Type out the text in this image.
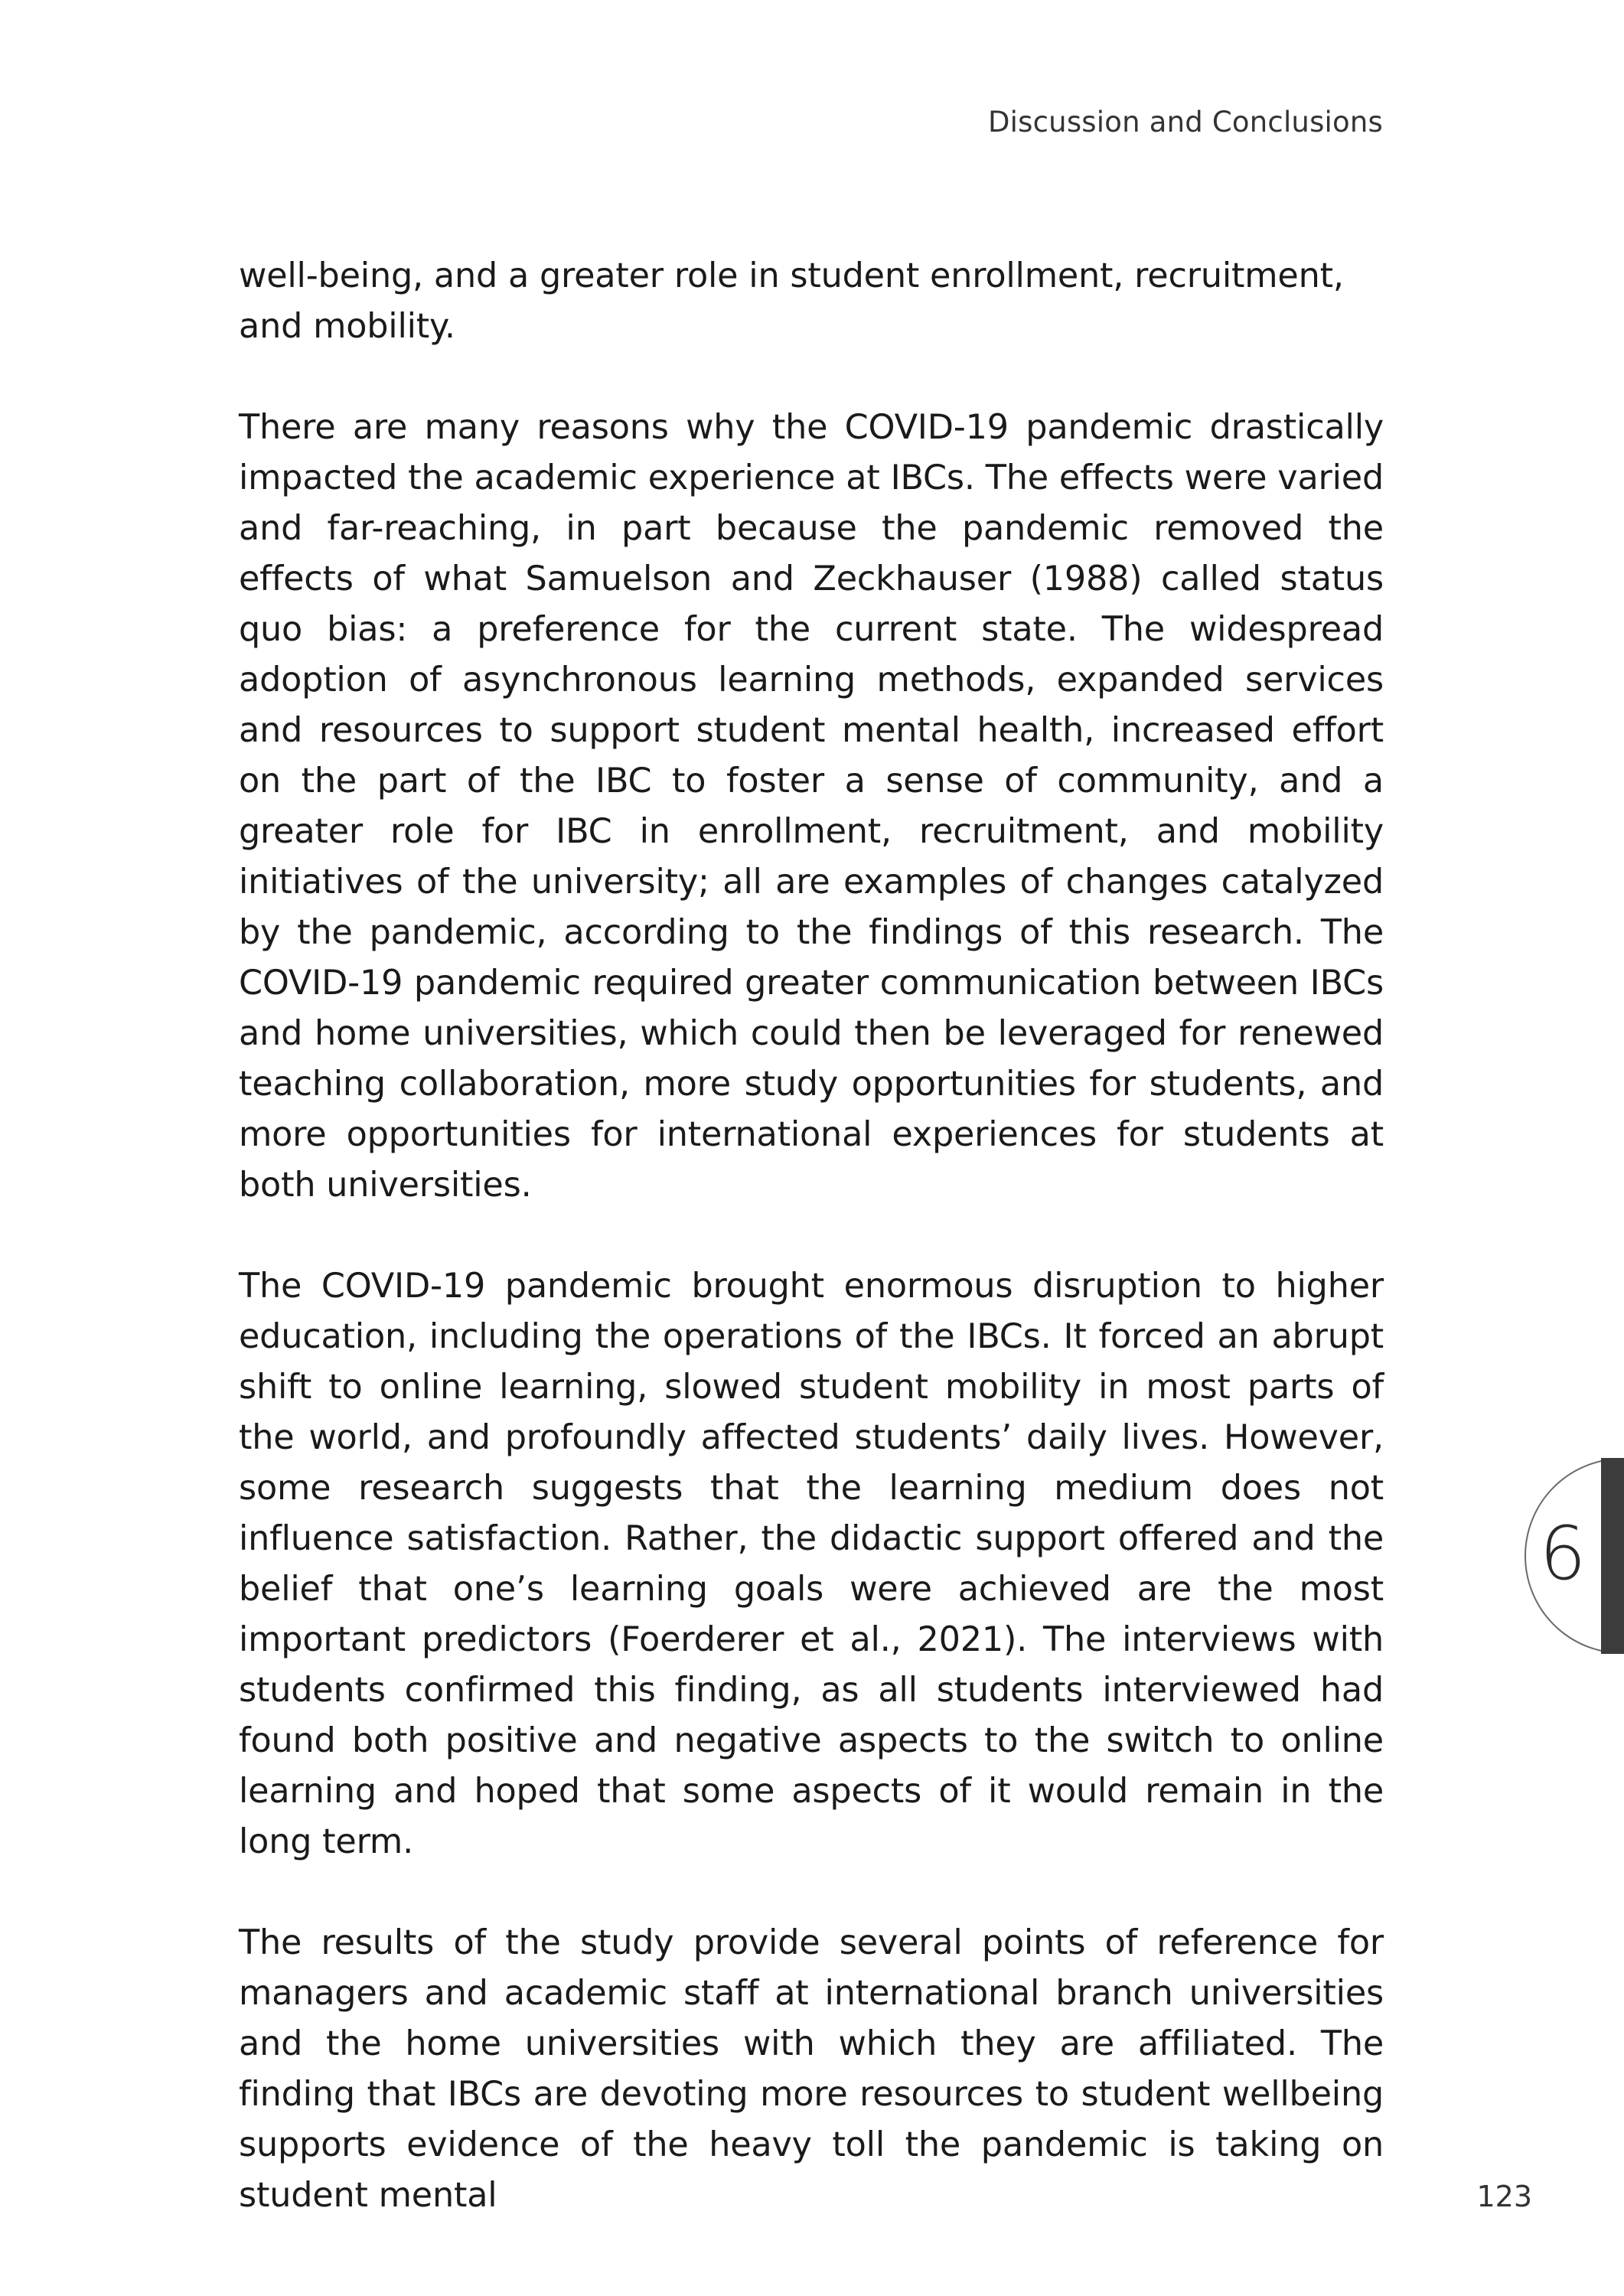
Discussion and Conclusions

well-being, and a greater role in student enrollment, recruitment, and mobility.

There are many reasons why the COVID-19 pandemic drastically impacted the academic experience at IBCs. The effects were varied and far-reaching, in part because the pandemic removed the effects of what Samuelson and Zeckhauser (1988) called status quo bias: a preference for the current state. The widespread adoption of asynchronous learning methods, expanded services and resources to support student mental health, increased effort on the part of the IBC to foster a sense of community, and a greater role for IBC in enrollment, recruitment, and mobility initiatives of the university; all are examples of changes catalyzed by the pandemic, according to the findings of this research. The COVID-19 pandemic required greater communication between IBCs and home universities, which could then be leveraged for renewed teaching collaboration, more study opportunities for students, and more opportunities for international experiences for students at both universities.

The COVID-19 pandemic brought enormous disruption to higher education, including the operations of the IBCs. It forced an abrupt shift to online learning, slowed student mobility in most parts of the world, and profoundly affected students’ daily lives. However, some research suggests that the learning medium does not influence satisfaction. Rather, the didactic support offered and the belief that one’s learning goals were achieved are the most important predictors (Foerderer et al., 2021). The interviews with students confirmed this finding, as all students interviewed had found both positive and negative aspects to the switch to online learning and hoped that some aspects of it would remain in the long term.

The results of the study provide several points of reference for managers and academic staff at international branch universities and the home universities with which they are affiliated. The finding that IBCs are devoting more resources to student wellbeing supports evidence of the heavy toll the pandemic is taking on student mental

6
123
